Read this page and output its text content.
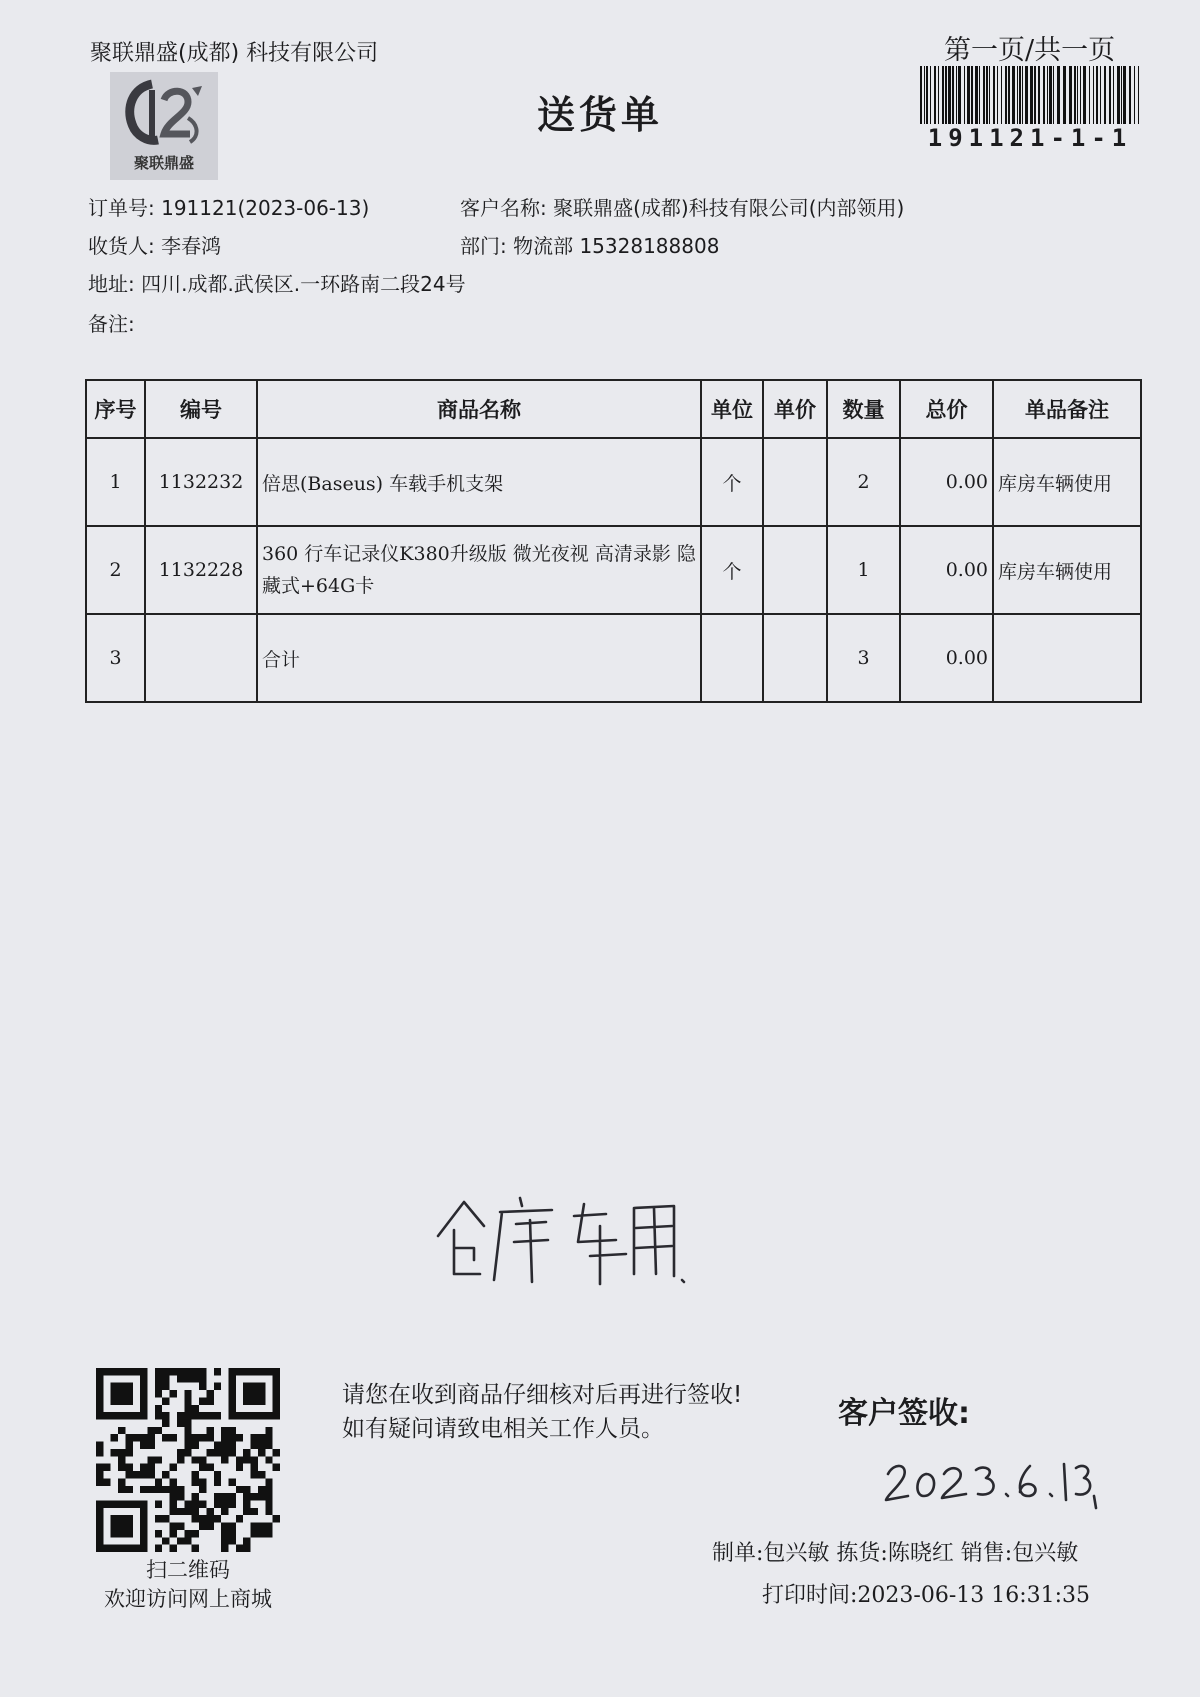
聚联鼎盛(成都) 科技有限公司	第一页/共一页
聚联鼎盛
送货单
191121-1-1
订单号: 191121(2023-06-13)	客户名称: 聚联鼎盛(成都)科技有限公司(内部领用)
收货人: 李春鸿	部门: 物流部 15328188808
地址: 四川.成都.武侯区.一环路南二段24号
备注:
序号	编号	商品名称	单位	单价	数量	总价	单品备注
1	1132232	倍思(Baseus) 车载手机支架	个		2	0.00	库房车辆使用
2	1132228	360 行车记录仪K380升级版 微光夜视 高清录影 隐藏式+64G卡	个		1	0.00	库房车辆使用
3		合计			3	0.00	
扫二维码
欢迎访问网上商城
请您在收到商品仔细核对后再进行签收!如有疑问请致电相关工作人员。	客户签收:
制单:包兴敏 拣货:陈晓红 销售:包兴敏
打印时间:2023-06-13 16:31:35
